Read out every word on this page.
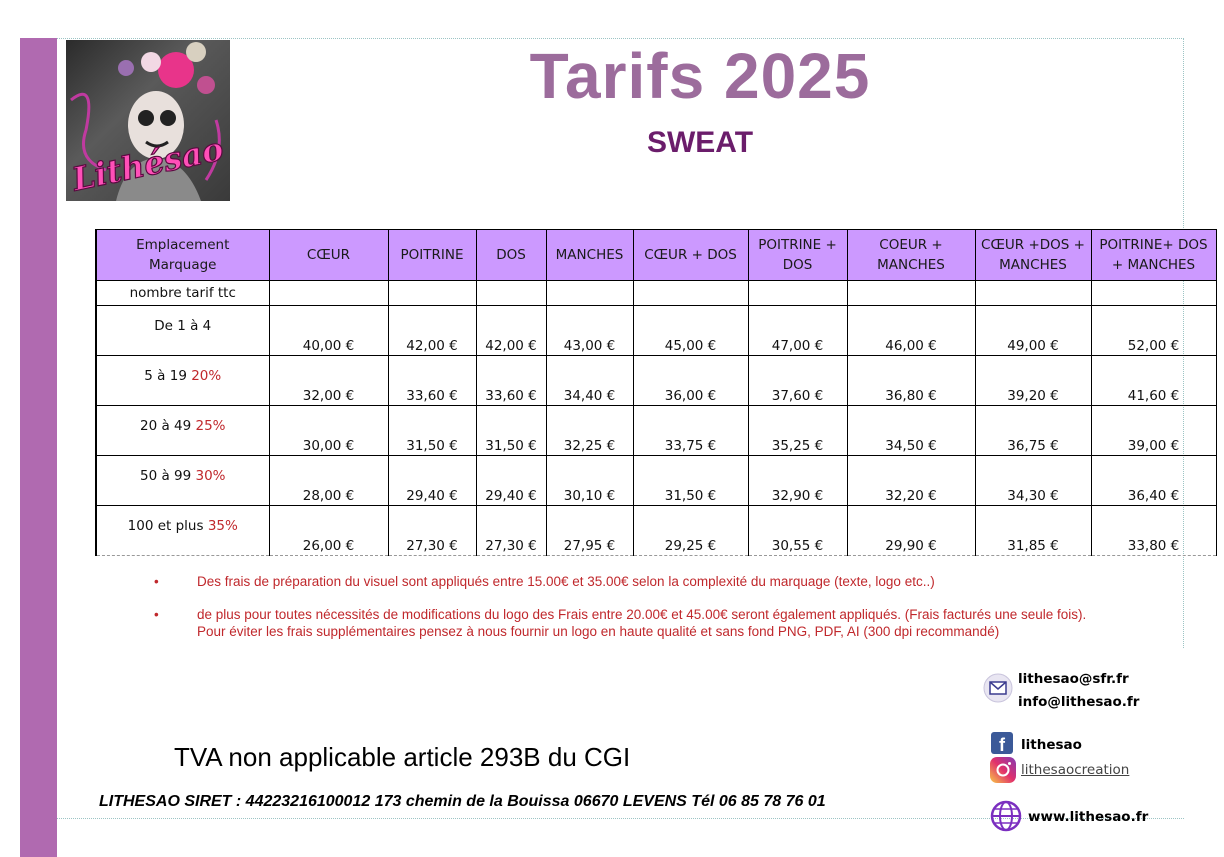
Lithésao
Tarifs 2025
SWEAT
Emplacement Marquage	CŒUR	POITRINE	DOS	MANCHES	CŒUR + DOS	POITRINE + DOS	COEUR + MANCHES	CŒUR +DOS + MANCHES	POITRINE+ DOS + MANCHES
nombre tarif ttc									
De 1 à 4	40,00 €	42,00 €	42,00 €	43,00 €	45,00 €	47,00 €	46,00 €	49,00 €	52,00 €
5 à 19 20%	32,00 €	33,60 €	33,60 €	34,40 €	36,00 €	37,60 €	36,80 €	39,20 €	41,60 €
20 à 49 25%	30,00 €	31,50 €	31,50 €	32,25 €	33,75 €	35,25 €	34,50 €	36,75 €	39,00 €
50 à 99 30%	28,00 €	29,40 €	29,40 €	30,10 €	31,50 €	32,90 €	32,20 €	34,30 €	36,40 €
100 et plus 35%	26,00 €	27,30 €	27,30 €	27,95 €	29,25 €	30,55 €	29,90 €	31,85 €	33,80 €
•	Des frais de préparation du visuel sont appliqués entre 15.00€ et 35.00€ selon la complexité du marquage (texte, logo etc..)
•	de plus pour toutes nécessités de modifications du logo des Frais entre 20.00€ et 45.00€ seront également appliqués. (Frais facturés une seule fois). Pour éviter les frais supplémentaires pensez à nous fournir un logo en haute qualité et sans fond PNG, PDF, AI (300 dpi recommandé)
lithesao@sfr.fr
info@lithesao.fr
f lithesao
lithesaocreation
www.lithesao.fr
TVA non applicable article 293B du CGI
LITHESAO SIRET : 44223216100012 173 chemin de la Bouissa 06670 LEVENS Tél 06 85 78 76 01
